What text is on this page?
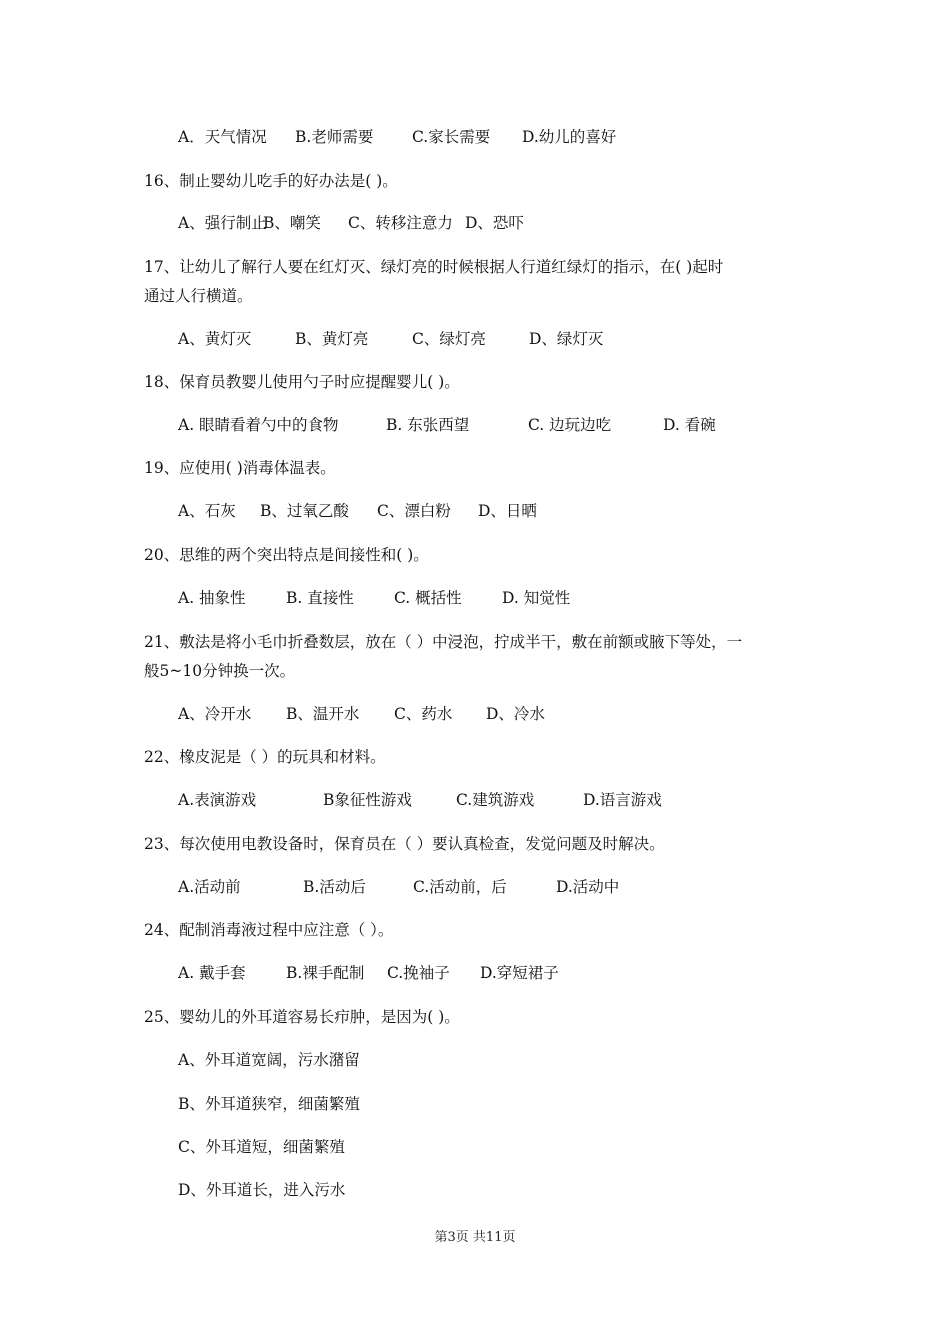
A．天气情况 B.老师需要 C.家长需要 D.幼儿的喜好
16、制止婴幼儿吃手的好办法是( )。
A、强行制止B、嘲笑 C、转移注意力 D、恐吓
17、让幼儿了解行人要在红灯灭、绿灯亮的时候根据人行道红绿灯的指示，在( )起时
通过人行横道。
A、黄灯灭	B、黄灯亮	C、绿灯亮	D、绿灯灭
18、保育员教婴儿使用勺子时应提醒婴儿( )。
A. 眼睛看着勺中的食物	B. 东张西望	C. 边玩边吃	D. 看碗
19、应使用( )消毒体温表。
A、石灰 B、过氧乙酸 C、漂白粉 D、日晒
20、思维的两个突出特点是间接性和( )。
A. 抽象性	B. 直接性	C. 概括性	D. 知觉性
21、敷法是将小毛巾折叠数层，放在（ ）中浸泡，拧成半干，敷在前额或腋下等处，一
般5~10分钟换一次。
A、冷开水 B、温开水 C、药水 D、冷水
22、橡皮泥是（ ）的玩具和材料。
A.表演游戏	B象征性游戏	C.建筑游戏	D.语言游戏
23、每次使用电教设备时，保育员在（ ）要认真检查，发觉问题及时解决。
A.活动前	B.活动后	C.活动前，后	D.活动中
24、配制消毒液过程中应注意（ ）。
A. 戴手套	B.裸手配制 C.挽袖子 D.穿短裙子
25、婴幼儿的外耳道容易长疖肿，是因为( )。
A、外耳道宽阔，污水潴留
B、外耳道狭窄，细菌繁殖
C、外耳道短，细菌繁殖
D、外耳道长，进入污水
第3页 共11页
